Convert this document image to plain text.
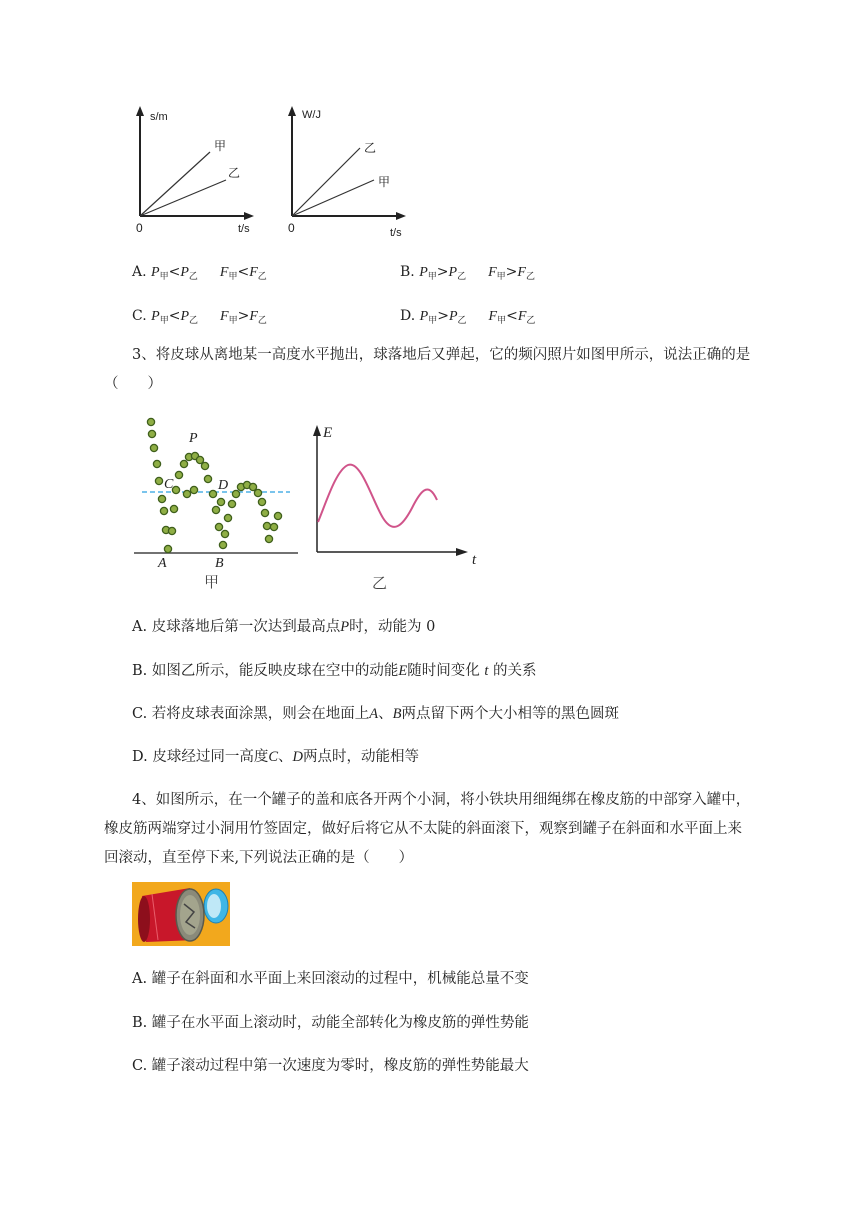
s/m
t/s
0
甲
乙
W/J
t/s
0
乙
甲
A. $P_甲<P_乙$ $F_甲<F_乙$	B. $P_甲>P_乙$ $F_甲>F_乙$
C. $P_甲<P_乙$ $F_甲>F_乙$	D. $P_甲>P_乙$ $F_甲<F_乙$
3、将皮球从离地某一高度水平抛出，球落地后又弹起，它的频闪照片如图甲所示，说法正确的是
（　　）
P
C	D
A	B
甲
E
t
乙
A. 皮球落地后第一次达到最高点P时，动能为 0
B. 如图乙所示，能反映皮球在空中的动能E随时间变化 t 的关系
C. 若将皮球表面涂黑，则会在地面上A、B两点留下两个大小相等的黑色圆斑
D. 皮球经过同一高度C、D两点时，动能相等
4、如图所示，在一个罐子的盖和底各开两个小洞，将小铁块用细绳绑在橡皮筋的中部穿入罐中，
橡皮筋两端穿过小洞用竹签固定，做好后将它从不太陡的斜面滚下，观察到罐子在斜面和水平面上来
回滚动，直至停下来,下列说法正确的是（　　）
A. 罐子在斜面和水平面上来回滚动的过程中，机械能总量不变
B. 罐子在水平面上滚动时，动能全部转化为橡皮筋的弹性势能
C. 罐子滚动过程中第一次速度为零时，橡皮筋的弹性势能最大
